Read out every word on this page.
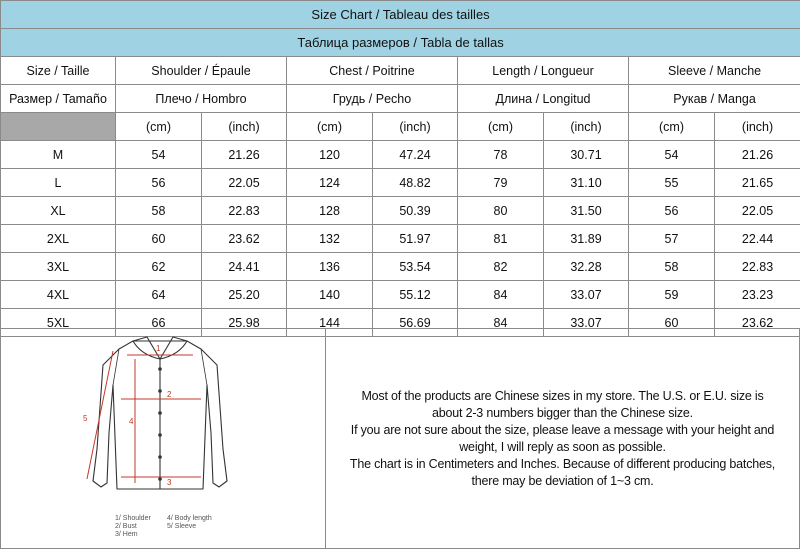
Size Chart / Tableau des tailles								
Таблица размеров / Tabla de tallas								
Size / Taille	Shoulder / Épaule		Chest / Poitrine		Length / Longueur		Sleeve / Manche	
Размер / Tamaño	Плечо / Hombro		Грудь / Pecho		Длина / Longitud		Рукав / Manga	
	(cm)	(inch)	(cm)	(inch)	(cm)	(inch)	(cm)	(inch)
M	54	21.26	120	47.24	78	30.71	54	21.26
L	56	22.05	124	48.82	79	31.10	55	21.65
XL	58	22.83	128	50.39	80	31.50	56	22.05
2XL	60	23.62	132	51.97	81	31.89	57	22.44
3XL	62	24.41	136	53.54	82	32.28	58	22.83
4XL	64	25.20	140	55.12	84	33.07	59	23.23
5XL	66	25.98	144	56.69	84	33.07	60	23.62
1
2
3
4
5
1/ Shoulder 4/ Body length
2/ Bust	5/ Sleeve
3/ Hem
Most of the products are Chinese sizes in my store. The U.S. or E.U. size is
about 2-3 numbers bigger than the Chinese size.
If you are not sure about the size, please leave a message with your height and
weight, I will reply as soon as possible.
The chart is in Centimeters and Inches. Because of different producing batches,
there may be deviation of 1~3 cm.
